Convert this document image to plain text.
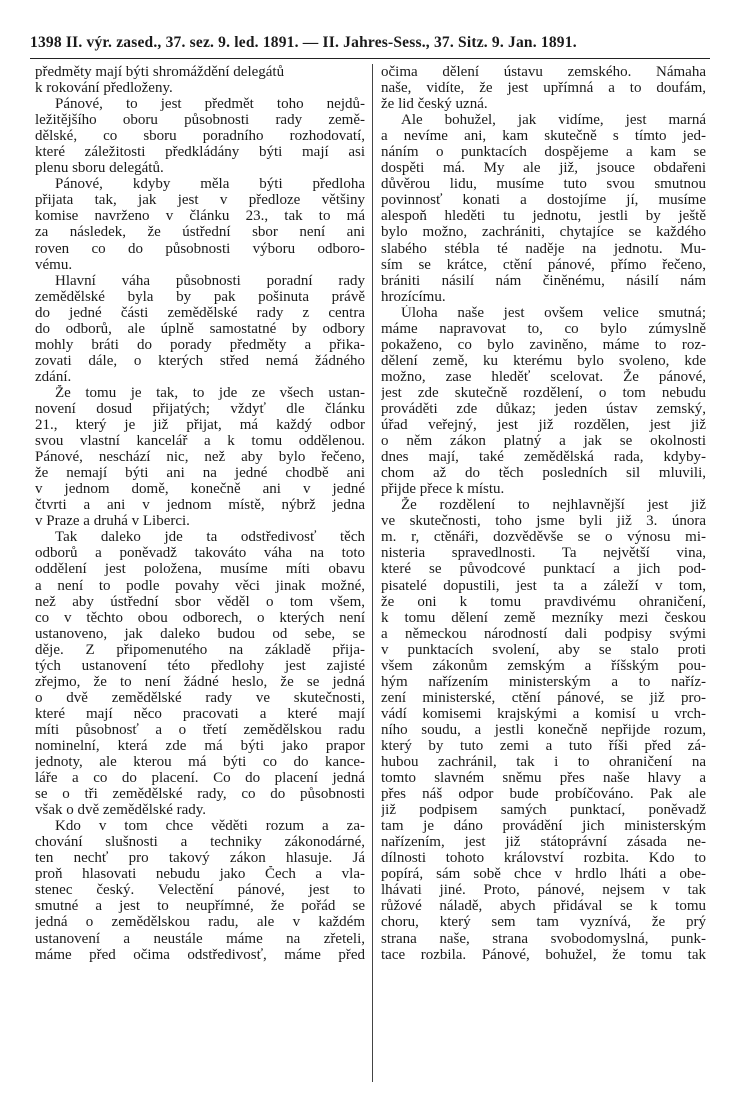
1398 II. výr. zased., 37. sez. 9. led. 1891. — II. Jahres-Sess., 37. Sitz. 9. Jan. 1891.
předměty mají býti shromáždění delegátů
k rokování předloženy.
Pánové, to jest předmět toho nejdů-
ležitějšího oboru působnosti rady země-
dělské, co sboru poradního rozhodovatí,
které záležitosti předkládány býti mají asi
plenu sboru delegátů.
Pánové, kdyby měla býti předloha
přijata tak, jak jest v předloze většiny
komise navrženo v článku 23., tak to má
za následek, že ústřední sbor není ani
roven co do působnosti výboru odboro-
vému.
Hlavní váha působnosti poradní rady
zemědělské byla by pak pošinuta právě
do jedné části zemědělské rady z centra
do odborů, ale úplně samostatné by odbory
mohly bráti do porady předměty a přika-
zovati dále, o kterých střed nemá žádného
zdání.
Že tomu je tak, to jde ze všech ustan-
novení dosud přijatých; vždyť dle článku
21., který je již přijat, má každý odbor
svou vlastní kancelář a k tomu oddělenou.
Pánové, neschází nic, než aby bylo řečeno,
že nemají býti ani na jedné chodbě ani
v jednom domě, konečně ani v jedné
čtvrti a ani v jednom místě, nýbrž jedna
v Praze a druhá v Liberci.
Tak daleko jde ta odstředivosť těch
odborů a poněvadž takováto váha na toto
oddělení jest položena, musíme míti obavu
a není to podle povahy věci jinak možné,
než aby ústřední sbor věděl o tom všem,
co v těchto obou odborech, o kterých není
ustanoveno, jak daleko budou od sebe, se
děje. Z připomenutého na základě přija-
tých ustanovení této předlohy jest zajisté
zřejmo, že to není žádné heslo, že se jedná
o dvě zemědělské rady ve skutečnosti,
které mají něco pracovati a které mají
míti působnosť a o třetí zemědělskou radu
nominelní, která zde má býti jako prapor
jednoty, ale kterou má býti co do kance-
láře a co do placení. Co do placení jedná
se o tři zemědělské rady, co do působnosti
však o dvě zemědělské rady.
Kdo v tom chce věděti rozum a za-
chování slušnosti a techniky zákonodárné,
ten nechť pro takový zákon hlasuje. Já
proň hlasovati nebudu jako Čech a vla-
stenec český. Velectění pánové, jest to
smutné a jest to neupřímné, že pořád se
jedná o zemědělskou radu, ale v každém
ustanovení a neustále máme na zřeteli,
máme před očima odstředivosť, máme před
očima dělení ústavu zemského. Námaha
naše, vidíte, že jest upřímná a to doufám,
že lid český uzná.
Ale bohužel, jak vidíme, jest marná
a nevíme ani, kam skutečně s tímto jed-
náním o punktacích dospějeme a kam se
dospěti má. My ale již, jsouce obdařeni
důvěrou lidu, musíme tuto svou smutnou
povinnosť konati a dostojíme jí, musíme
alespoň hleděti tu jednotu, jestli by ještě
bylo možno, zachrániti, chytajíce se každého
slabého stébla té naděje na jednotu. Mu-
sím se krátce, ctění pánové, přímo řečeno,
brániti násilí nám činěnému, násilí nám
hrozícímu.
Úloha naše jest ovšem velice smutná;
máme napravovat to, co bylo zúmyslně
pokaženo, co bylo zaviněno, máme to roz-
dělení země, ku kterému bylo svoleno, kde
možno, zase hleděť scelovat. Že pánové,
jest zde skutečně rozdělení, o tom nebudu
prováděti zde důkaz; jeden ústav zemský,
úřad veřejný, jest již rozdělen, jest již
o něm zákon platný a jak se okolnosti
dnes mají, také zemědělská rada, kdyby-
chom až do těch posledních sil mluvili,
přijde přece k místu.
Že rozdělení to nejhlavnější jest již
ve skutečnosti, toho jsme byli již 3. února
m. r, ctěnáři, dozvěděvše se o výnosu mi-
nisteria spravedlnosti. Ta největší vina,
které se původcové punktací a jich pod-
pisatelé dopustili, jest ta a záleží v tom,
že oni k tomu pravdivému ohraničení,
k tomu dělení země mezníky mezi českou
a německou národností dali podpisy svými
v punktacích svolení, aby se stalo proti
všem zákonům zemským a říšským pou-
hým nařízením ministerským a to naříz-
zení ministerské, ctění pánové, se již pro-
vádí komisemi krajskými a komisí u vrch-
ního soudu, a jestli konečně nepřijde rozum,
který by tuto zemi a tuto říši před zá-
hubou zachránil, tak i to ohraničení na
tomto slavném sněmu přes naše hlavy a
přes náš odpor bude probíčováno. Pak ale
již podpisem samých punktací, poněvadž
tam je dáno provádění jich ministerským
nařízením, jest již státoprávní zásada ne-
dílnosti tohoto království rozbita. Kdo to
popírá, sám sobě chce v hrdlo lháti a obe-
lhávati jiné. Proto, pánové, nejsem v tak
růžové náladě, abych přidával se k tomu
choru, který sem tam vyznívá, že prý
strana naše, strana svobodomyslná, punk-
tace rozbila. Pánové, bohužel, že tomu tak
